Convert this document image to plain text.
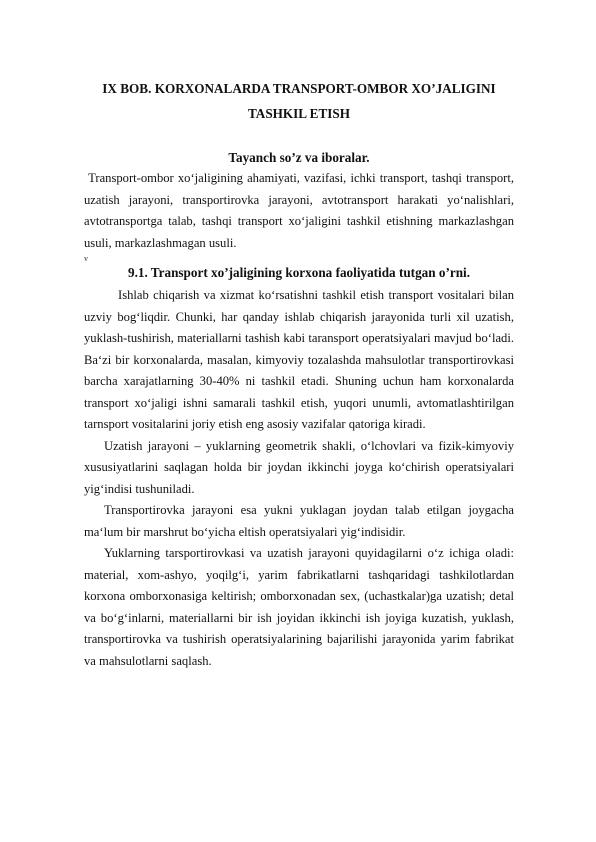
IX BOB. KORXONALARDA TRANSPORT-OMBOR XO’JALIGINI
TASHKIL ETISH

Tayanch so’z va iboralar.

Transport-ombor xo‘jaligining ahamiyati, vazifasi, ichki transport, tashqi transport, uzatish jarayoni, transportirovka jarayoni, avtotransport harakati yo‘nalishlari, avtotransportga talab, tashqi transport xo‘jaligini tashkil etishning markazlashgan usuli, markazlashmagan usuli.

v
9.1. Transport xo’jaligining korxona faoliyatida tutgan o’rni.

Ishlab chiqarish va xizmat ko‘rsatishni tashkil etish transport vositalari bilan uzviy bog‘liqdir. Chunki, har qanday ishlab chiqarish jarayonida turli xil uzatish, yuklash-tushirish, materiallarni tashish kabi taransport operatsiyalari mavjud bo‘ladi. Ba‘zi bir korxonalarda, masalan, kimyoviy tozalashda mahsulotlar transportirovkasi barcha xarajatlarning 30-40% ni tashkil etadi. Shuning uchun ham korxonalarda transport xo‘jaligi ishni samarali tashkil etish, yuqori unumli, avtomatlashtirilgan tarnsport vositalarini joriy etish eng asosiy vazifalar qatoriga kiradi.

Uzatish jarayoni – yuklarning geometrik shakli, o‘lchovlari va fizik-kimyoviy xususiyatlarini saqlagan holda bir joydan ikkinchi joyga ko‘chirish operatsiyalari yig‘indisi tushuniladi.

Transportirovka jarayoni esa yukni yuklagan joydan talab etilgan joygacha ma‘lum bir marshrut bo‘yicha eltish operatsiyalari yig‘indisidir.

Yuklarning tarsportirovkasi va uzatish jarayoni quyidagilarni o‘z ichiga oladi: material, xom-ashyo, yoqilg‘i, yarim fabrikatlarni tashqaridagi tashkilotlardan korxona omborxonasiga keltirish; omborxonadan sex, (uchastkalar)ga uzatish; detal va bo‘g‘inlarni, materiallarni bir ish joyidan ikkinchi ish joyiga kuzatish, yuklash, transportirovka va tushirish operatsiyalarining bajarilishi jarayonida yarim fabrikat va mahsulotlarni saqlash.
